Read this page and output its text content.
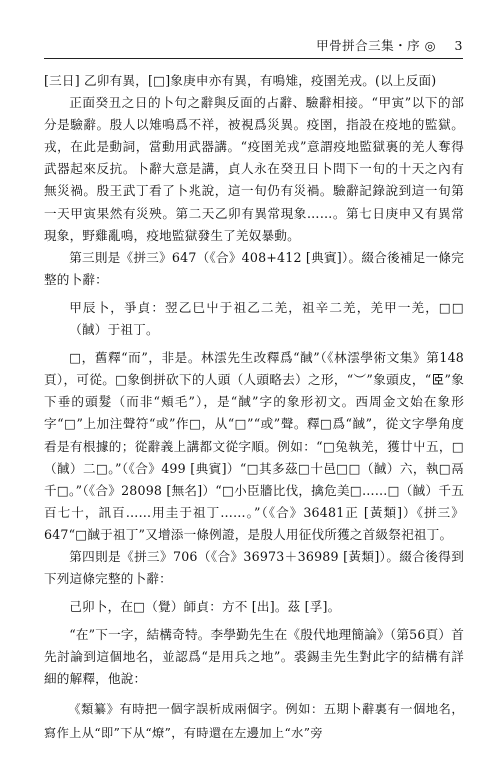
甲骨拼合三集・序 ◎ 3

[三日] 乙卯有異，[□]象庚申亦有異，有鳴雉，疫圉羌戎。(以上反面)

正面癸丑之日的卜句之辭與反面的占辭、驗辭相接。“甲寅”以下的部分是驗辭。殷人以雉鳴爲不祥，被視爲災異。疫圉，指設在疫地的監獄。戎，在此是動詞，當動用武器講。“疫圉羌戎”意謂疫地監獄裏的羌人奪得武器起來反抗。卜辭大意是講，貞人永在癸丑日卜問下一旬的十天之內有無災禍。殷王武丁看了卜兆說，這一旬仍有災禍。驗辭記錄說到這一旬第一天甲寅果然有災殃。第二天乙卯有異常現象……。第七日庚申又有異常現象，野雞亂鳴，疫地監獄發生了羌奴暴動。

第三則是《拼三》647（《合》408+412 [典賓]）。綴合後補足一條完整的卜辭：

甲辰卜，爭貞：翌乙巳屮于祖乙二羌，祖辛二羌，羌甲一羌，□□（馘）于祖丁。

□，舊釋“而”，非是。林澐先生改釋爲“馘”（《林澐學術文集》第148頁），可從。□象倒拼砍下的人頭（人頭略去）之形，“︶”象頭皮，“𦣞”象下垂的頭髮（而非“頰毛”），是“馘”字的象形初文。西周金文始在象形字“□”上加注聲符“或”作□，从“□”“或”聲。釋□爲“馘”，從文字學角度看是有根據的；從辭義上講都文從字順。例如：“□兔執羌，獲廿屮五，□（馘）二□。”（《合》499 [典賓]）“□其多茲□十邑□□（馘）六，執□鬲千□。”（《合》28098 [無名]）“□小臣牆比伐，擒危美□……□（馘）千五百七十，訊百……用圭于祖丁……。”（《合》36481正 [黃類]）《拼三》647“□馘于祖丁”又增添一條例證，是殷人用征伐所獲之首級祭祀祖丁。

第四則是《拼三》706（《合》36973＋36989 [黃類]）。綴合後得到下列這條完整的卜辭：

己卯卜，在□（覺）師貞：方不 [出]。茲 [孚]。

“在”下一字，結構奇特。李學勤先生在《殷代地理簡論》（第56頁）首先討論到這個地名，並認爲“是用兵之地”。裘錫圭先生對此字的結構有詳細的解釋，他說：

《類纂》有時把一個字誤析成兩個字。例如：五期卜辭裏有一個地名，寫作上从“即”下从“燎”，有時還在左邊加上“水”旁
